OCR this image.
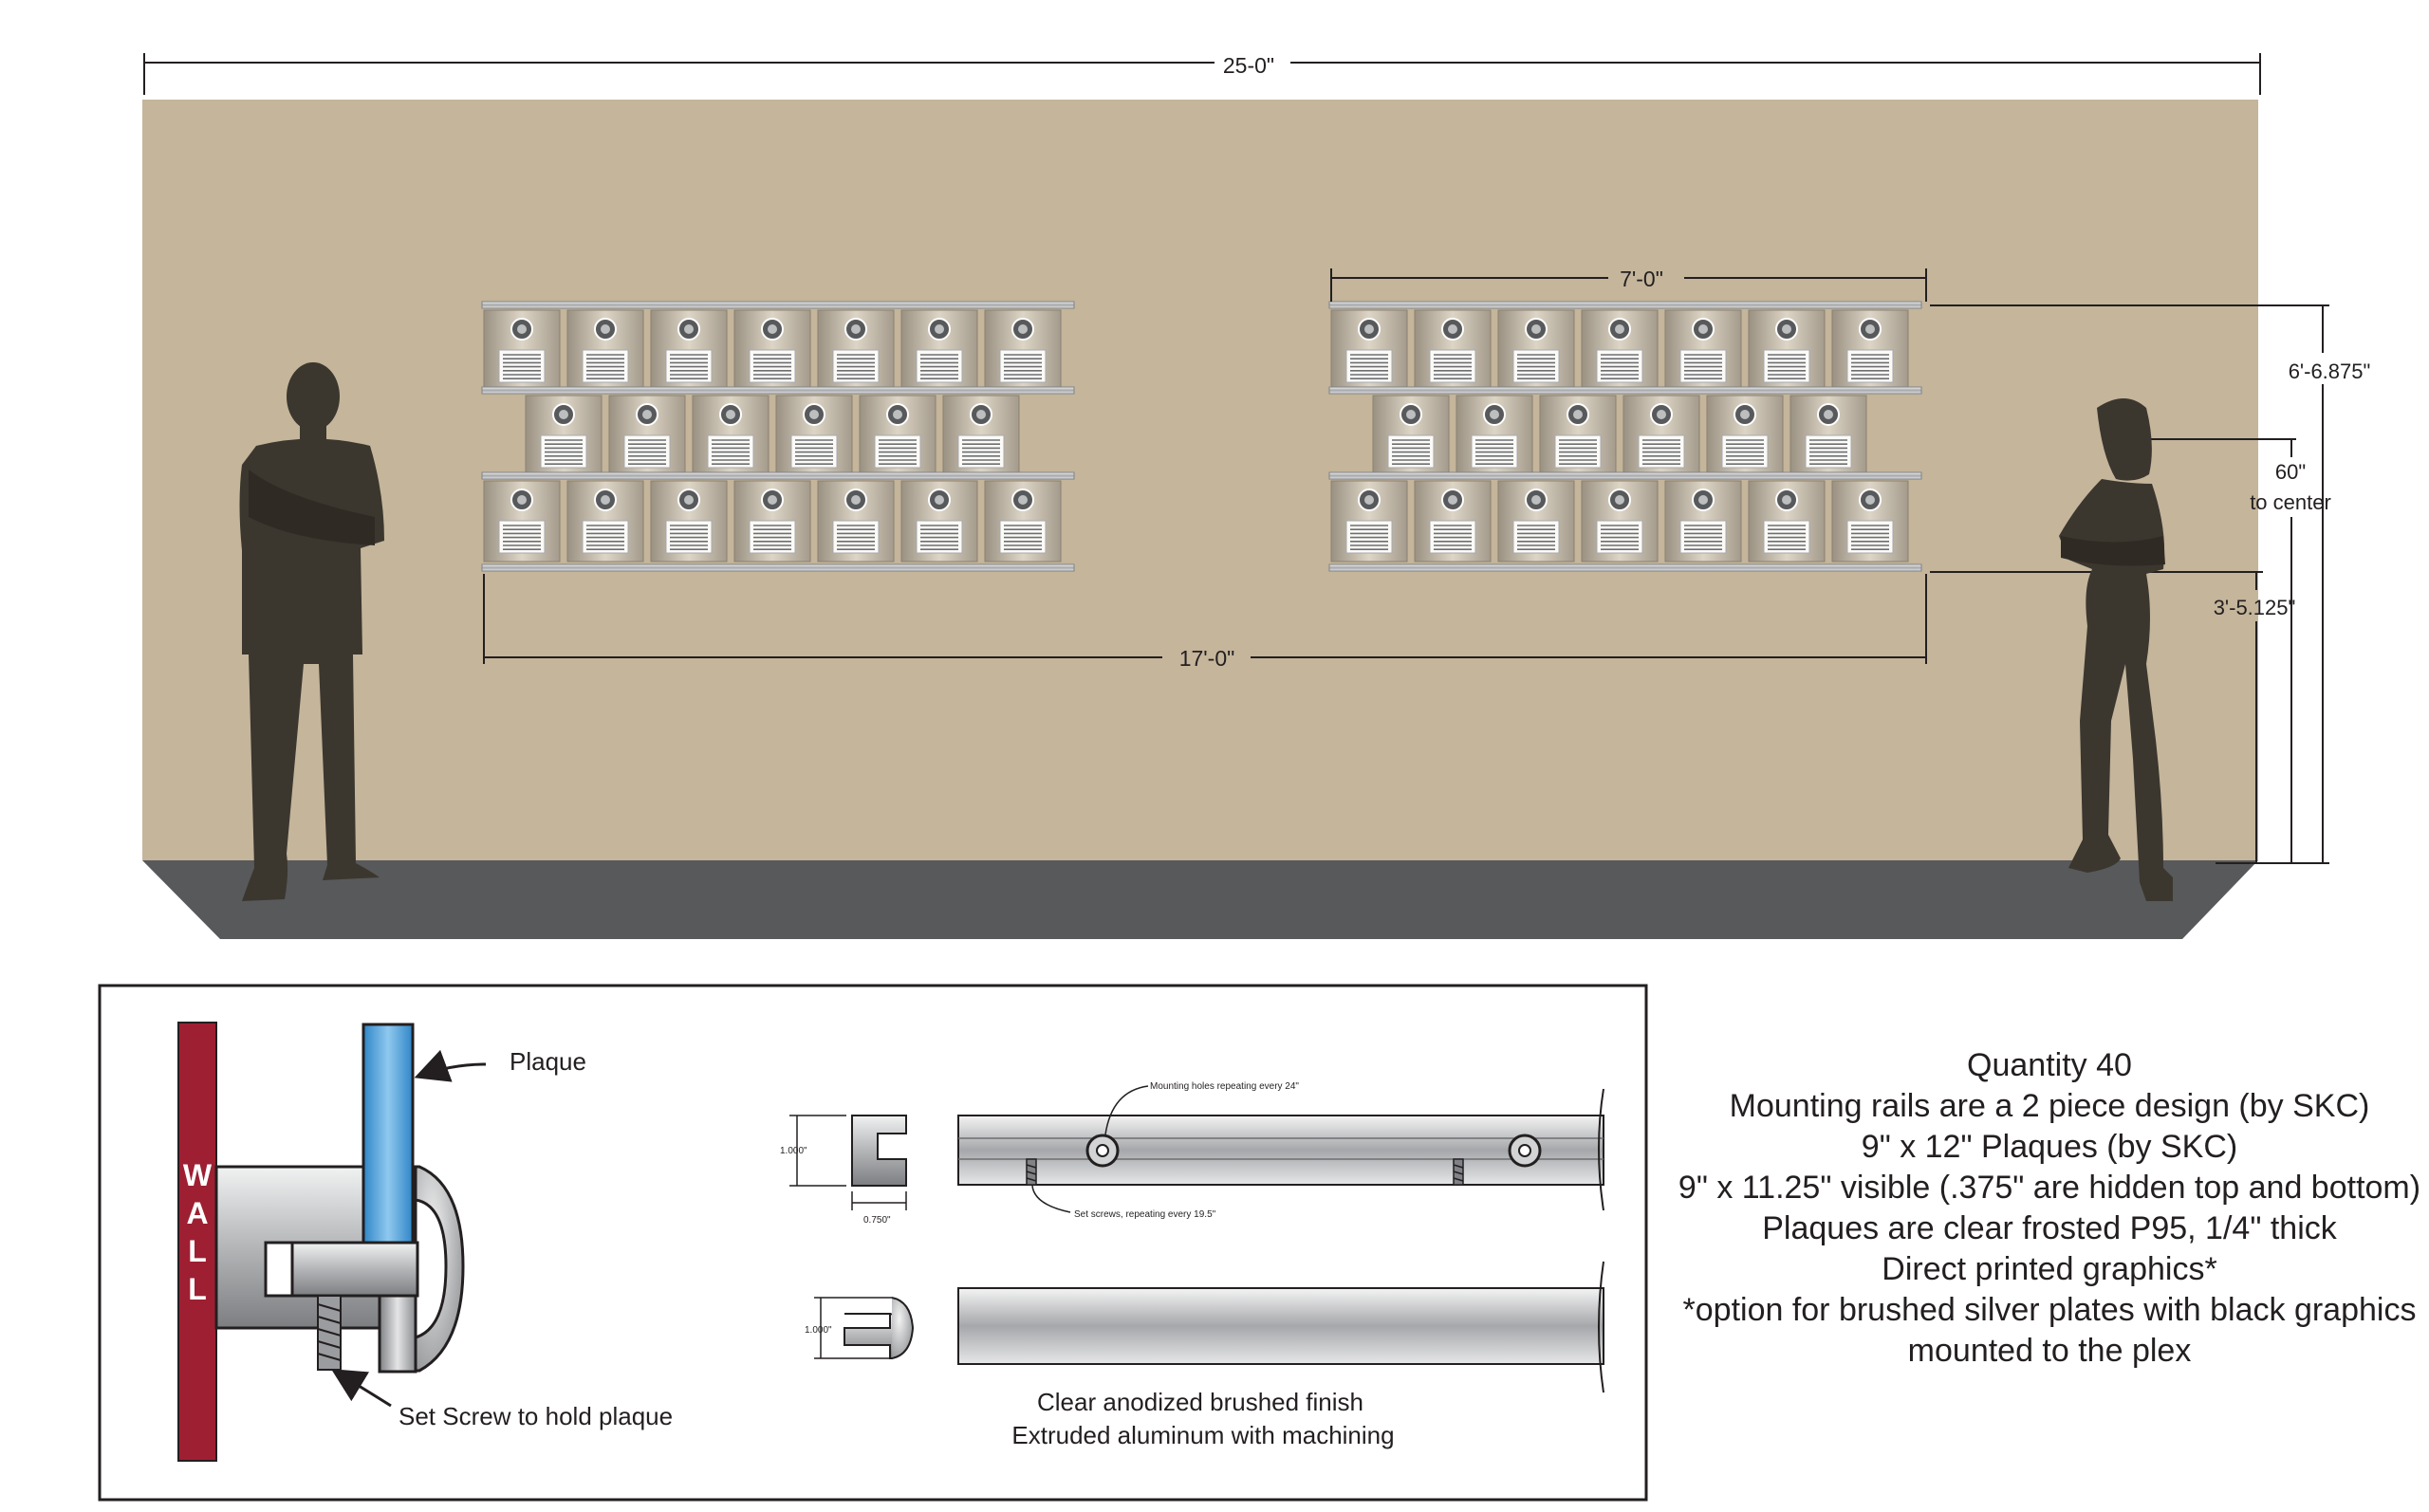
25-0"
7'-0"
17'-0"
6'-6.875"
60"
to center
3'-5.125"
W
A
L
L
Plaque
Set Screw to hold plaque
1.000"
0.750"
1.000"
Mounting holes repeating every 24"
Set screws, repeating every 19.5"
Clear anodized brushed finish
Extruded aluminum with machining
Quantity 40
Mounting rails are a 2 piece design (by SKC)
9" x 12" Plaques (by SKC)
9" x 11.25" visible (.375" are hidden top and bottom)
Plaques are clear frosted P95, 1/4" thick
Direct printed graphics*
*option for brushed silver plates with black graphics
mounted to the plex
